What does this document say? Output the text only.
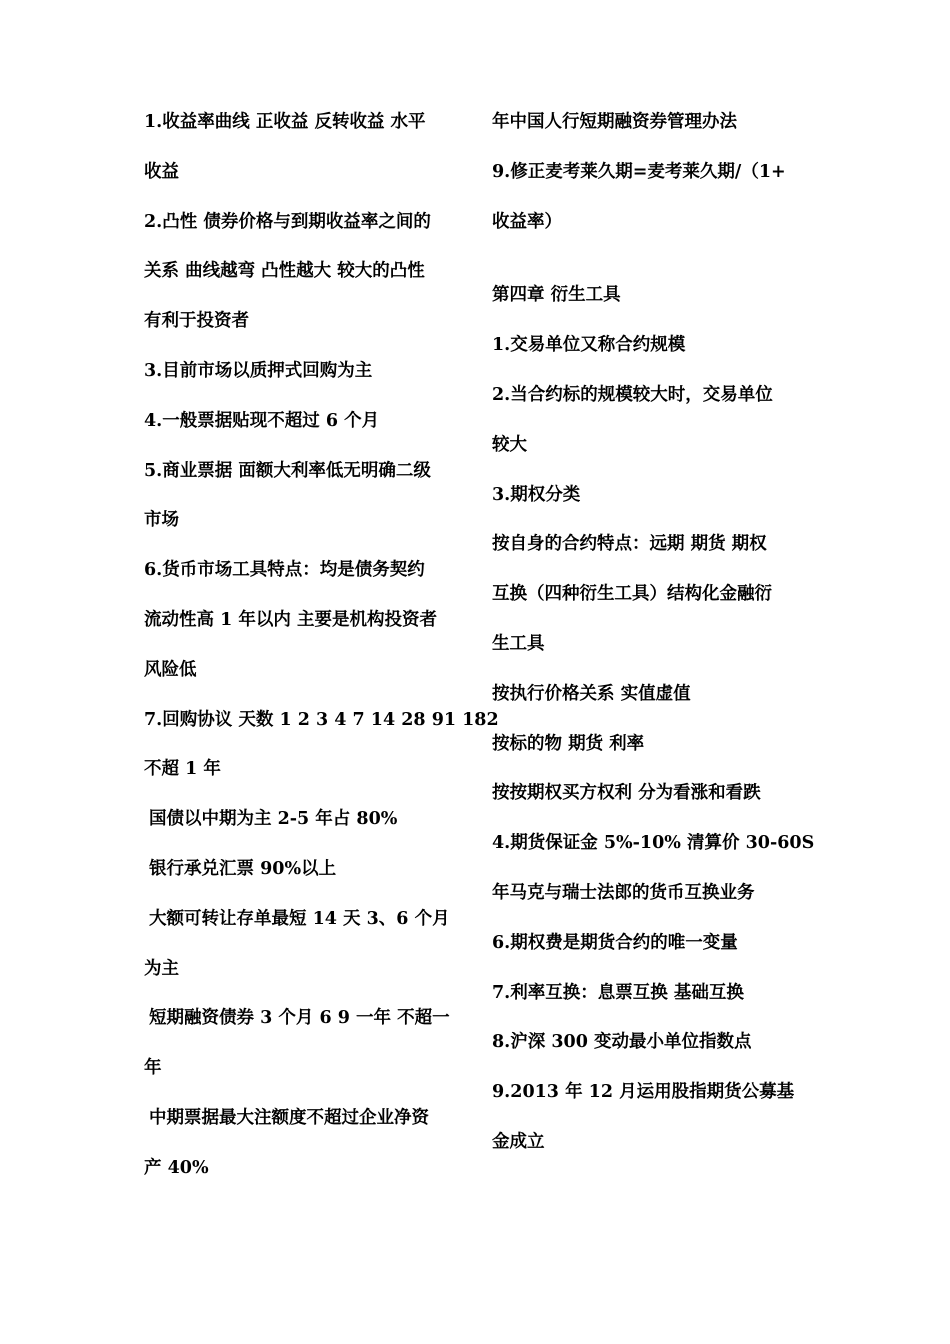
1.收益率曲线 正收益 反转收益 水平
收益
2.凸性 债券价格与到期收益率之间的
关系 曲线越弯 凸性越大 较大的凸性
有利于投资者
3.目前市场以质押式回购为主
4.一般票据贴现不超过 6 个月
5.商业票据 面额大利率低无明确二级
市场
6.货币市场工具特点：均是债务契约
流动性高 1 年以内 主要是机构投资者
风险低
7.回购协议 天数 1 2 3 4 7 14 28 91 182
不超 1 年
国债以中期为主 2-5 年占 80%
银行承兑汇票 90%以上
大额可转让存单最短 14 天 3、6 个月
为主
短期融资债券 3 个月 6 9 一年 不超一
年
中期票据最大注额度不超过企业净资
产 40%
年中国人行短期融资券管理办法
9.修正麦考莱久期=麦考莱久期/（1+
收益率）
第四章 衍生工具
1.交易单位又称合约规模
2.当合约标的规模较大时，交易单位
较大
3.期权分类
按自身的合约特点：远期 期货 期权
互换（四种衍生工具）结构化金融衍
生工具
按执行价格关系 实值虚值
按标的物 期货 利率
按按期权买方权利 分为看涨和看跌
4.期货保证金 5%-10% 清算价 30-60S
年马克与瑞士法郎的货币互换业务
6.期权费是期货合约的唯一变量
7.利率互换：息票互换 基础互换
8.沪深 300 变动最小单位指数点
9.2013 年 12 月运用股指期货公募基
金成立
